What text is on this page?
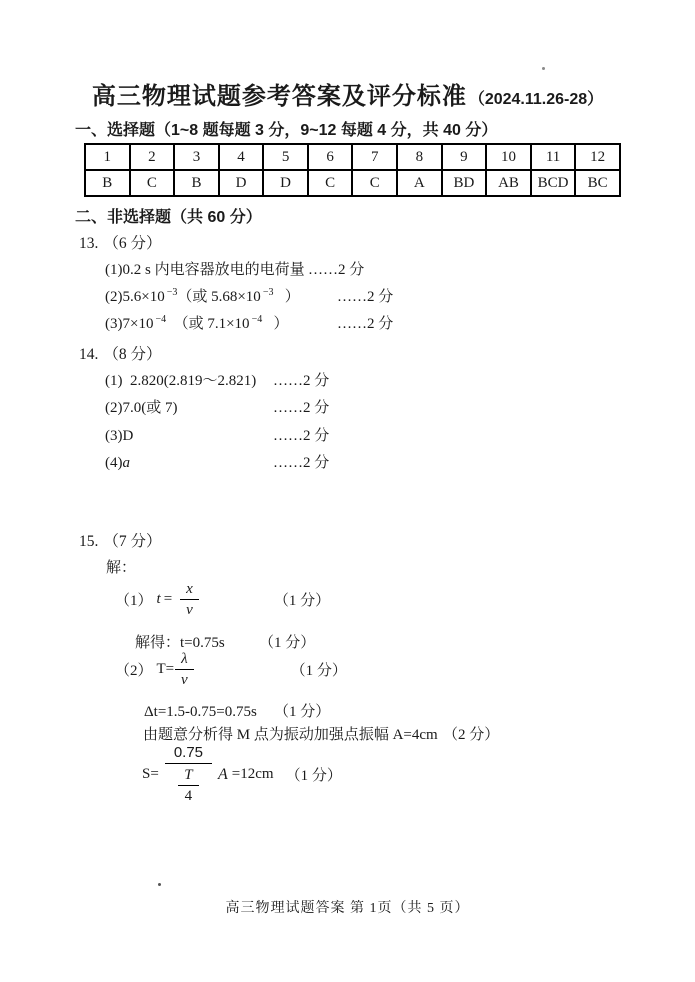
高三物理试题参考答案及评分标准 （2024.11.26-28）
一、选择题（1~8 题每题 3 分，9~12 每题 4 分，共 40 分）
1	2	3	4	5	6	7	8	9	10	11	12
B	C	B	D	D	C	C	A	BD	AB	BCD	BC
二、非选择题（共 60 分）
13. （6 分）
(1)0.2 s 内电容器放电的电荷量 ……2 分
(2)5.6×10 $^{-3}$（或 5.68×10 $^{-3}$   ） ……2 分
(3)7×10 $^{-4}$  （或 7.1×10 $^{-4}$   ）	……2 分
14. （8 分）
(1)  2.820(2.819～2.821) ……2 分
(2)7.0(或 7)	……2 分
(3)D	……2 分
(4)a	……2 分
15. （7 分）
解：
（1） $t = \frac{x}{v}$	（1 分）
解得：t=0.75s （1 分）
（2） $T= \frac{\lambda}{v}$	（1 分）
Δt=1.5-0.75=0.75s （1 分）
由题意分析得 M 点为振动加强点振幅 A=4cm （2 分）
$S= \frac{0.75}{\frac{T}{4}}$ A =12cm （1 分）
高三物理试题答案 第 1页（共 5 页）
